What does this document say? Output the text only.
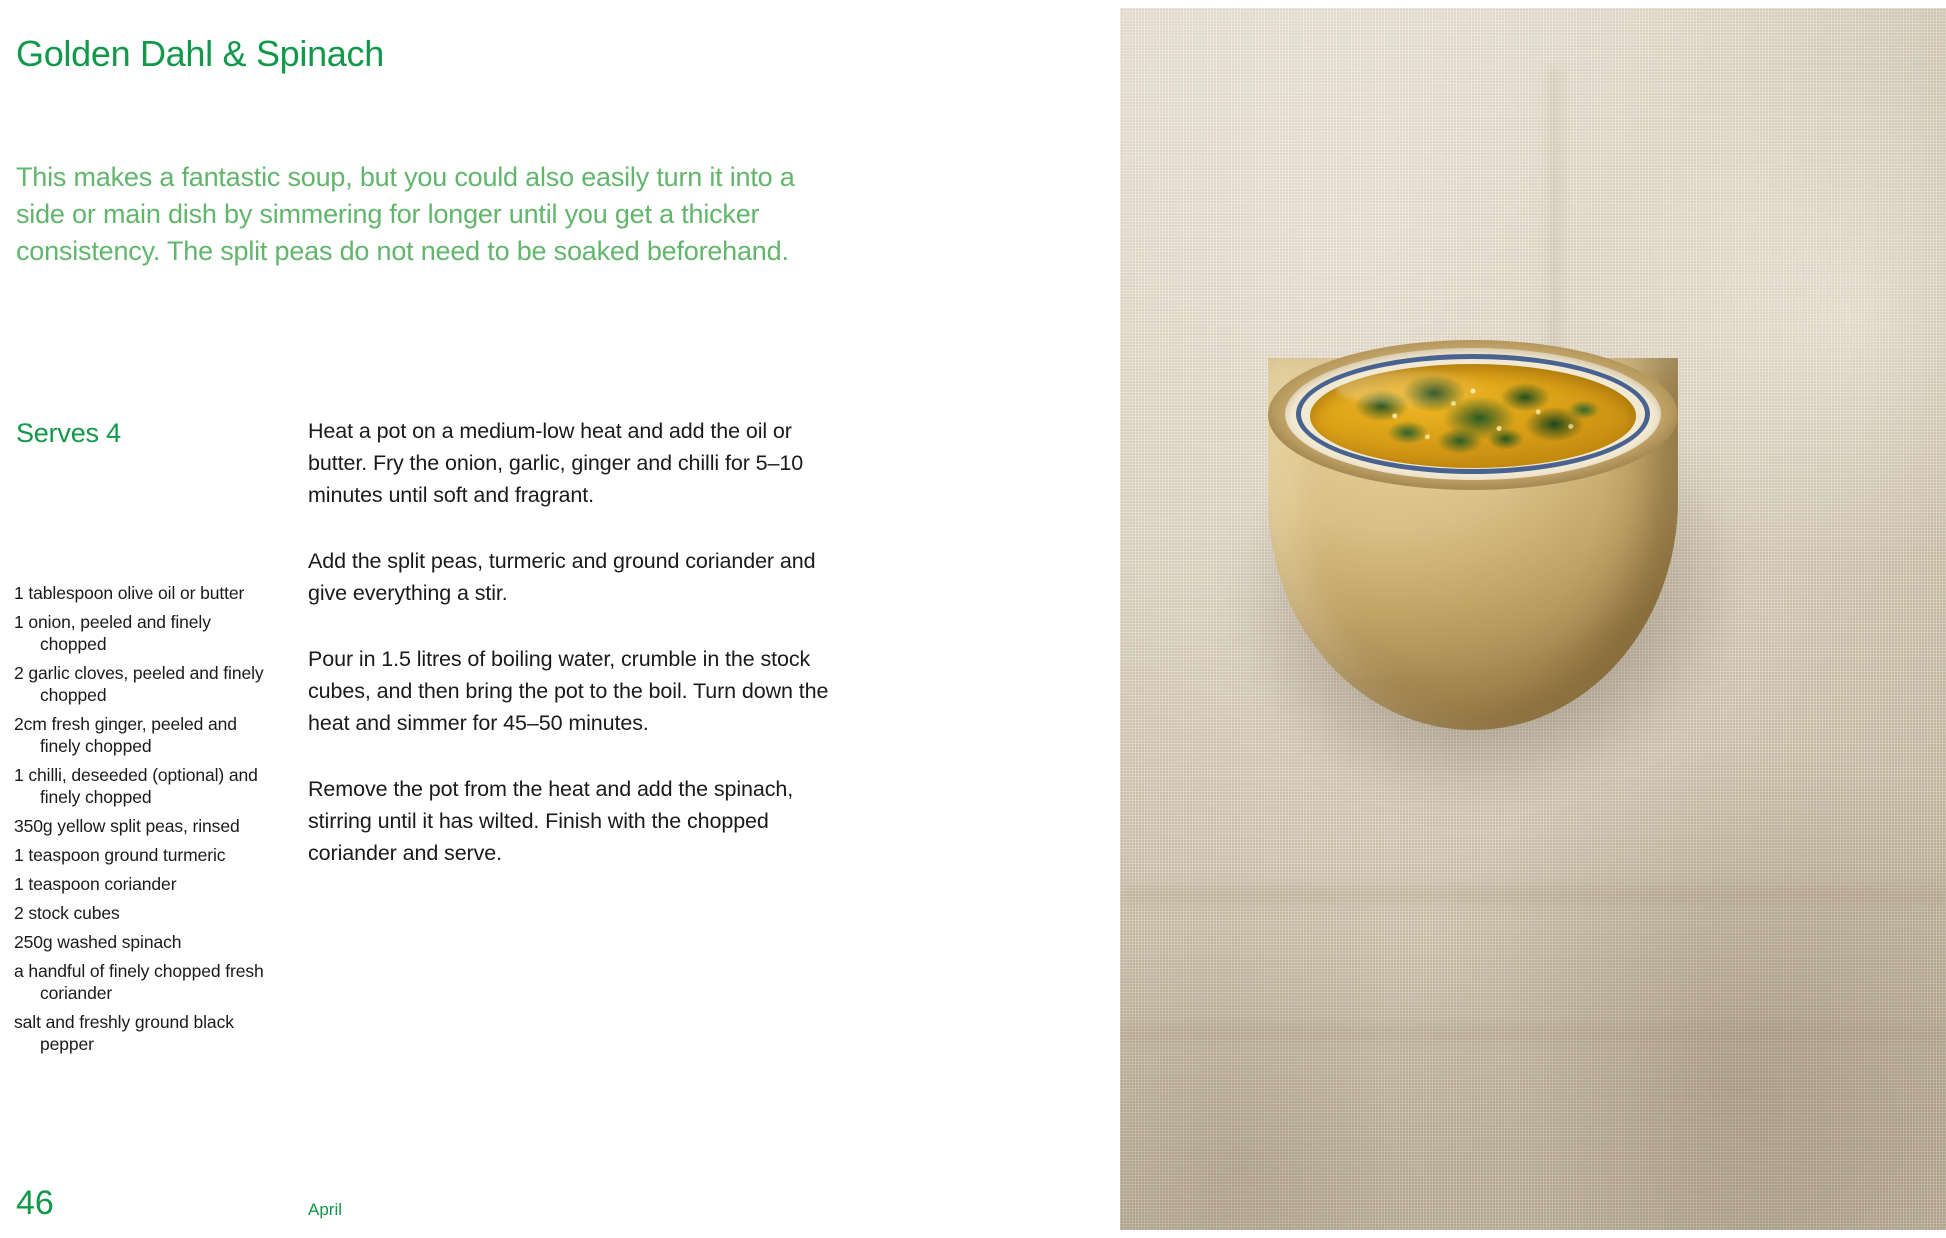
Golden Dahl & Spinach

This makes a fantastic soup, but you could also easily turn it into a side or main dish by simmering for longer until you get a thicker consistency. The split peas do not need to be soaked beforehand.

Serves 4
1 tablespoon olive oil or butter
1 onion, peeled and finely chopped
2 garlic cloves, peeled and finely chopped
2cm fresh ginger, peeled and finely chopped
1 chilli, deseeded (optional) and finely chopped
350g yellow split peas, rinsed
1 teaspoon ground turmeric
1 teaspoon coriander
2 stock cubes
250g washed spinach
a handful of finely chopped fresh coriander
salt and freshly ground black pepper

Heat a pot on a medium-low heat and add the oil or butter. Fry the onion, garlic, ginger and chilli for 5–10 minutes until soft and fragrant.

Add the split peas, turmeric and ground coriander and give everything a stir.

Pour in 1.5 litres of boiling water, crumble in the stock cubes, and then bring the pot to the boil. Turn down the heat and simmer for 45–50 minutes.

Remove the pot from the heat and add the spinach, stirring until it has wilted. Finish with the chopped coriander and serve.

46	April
